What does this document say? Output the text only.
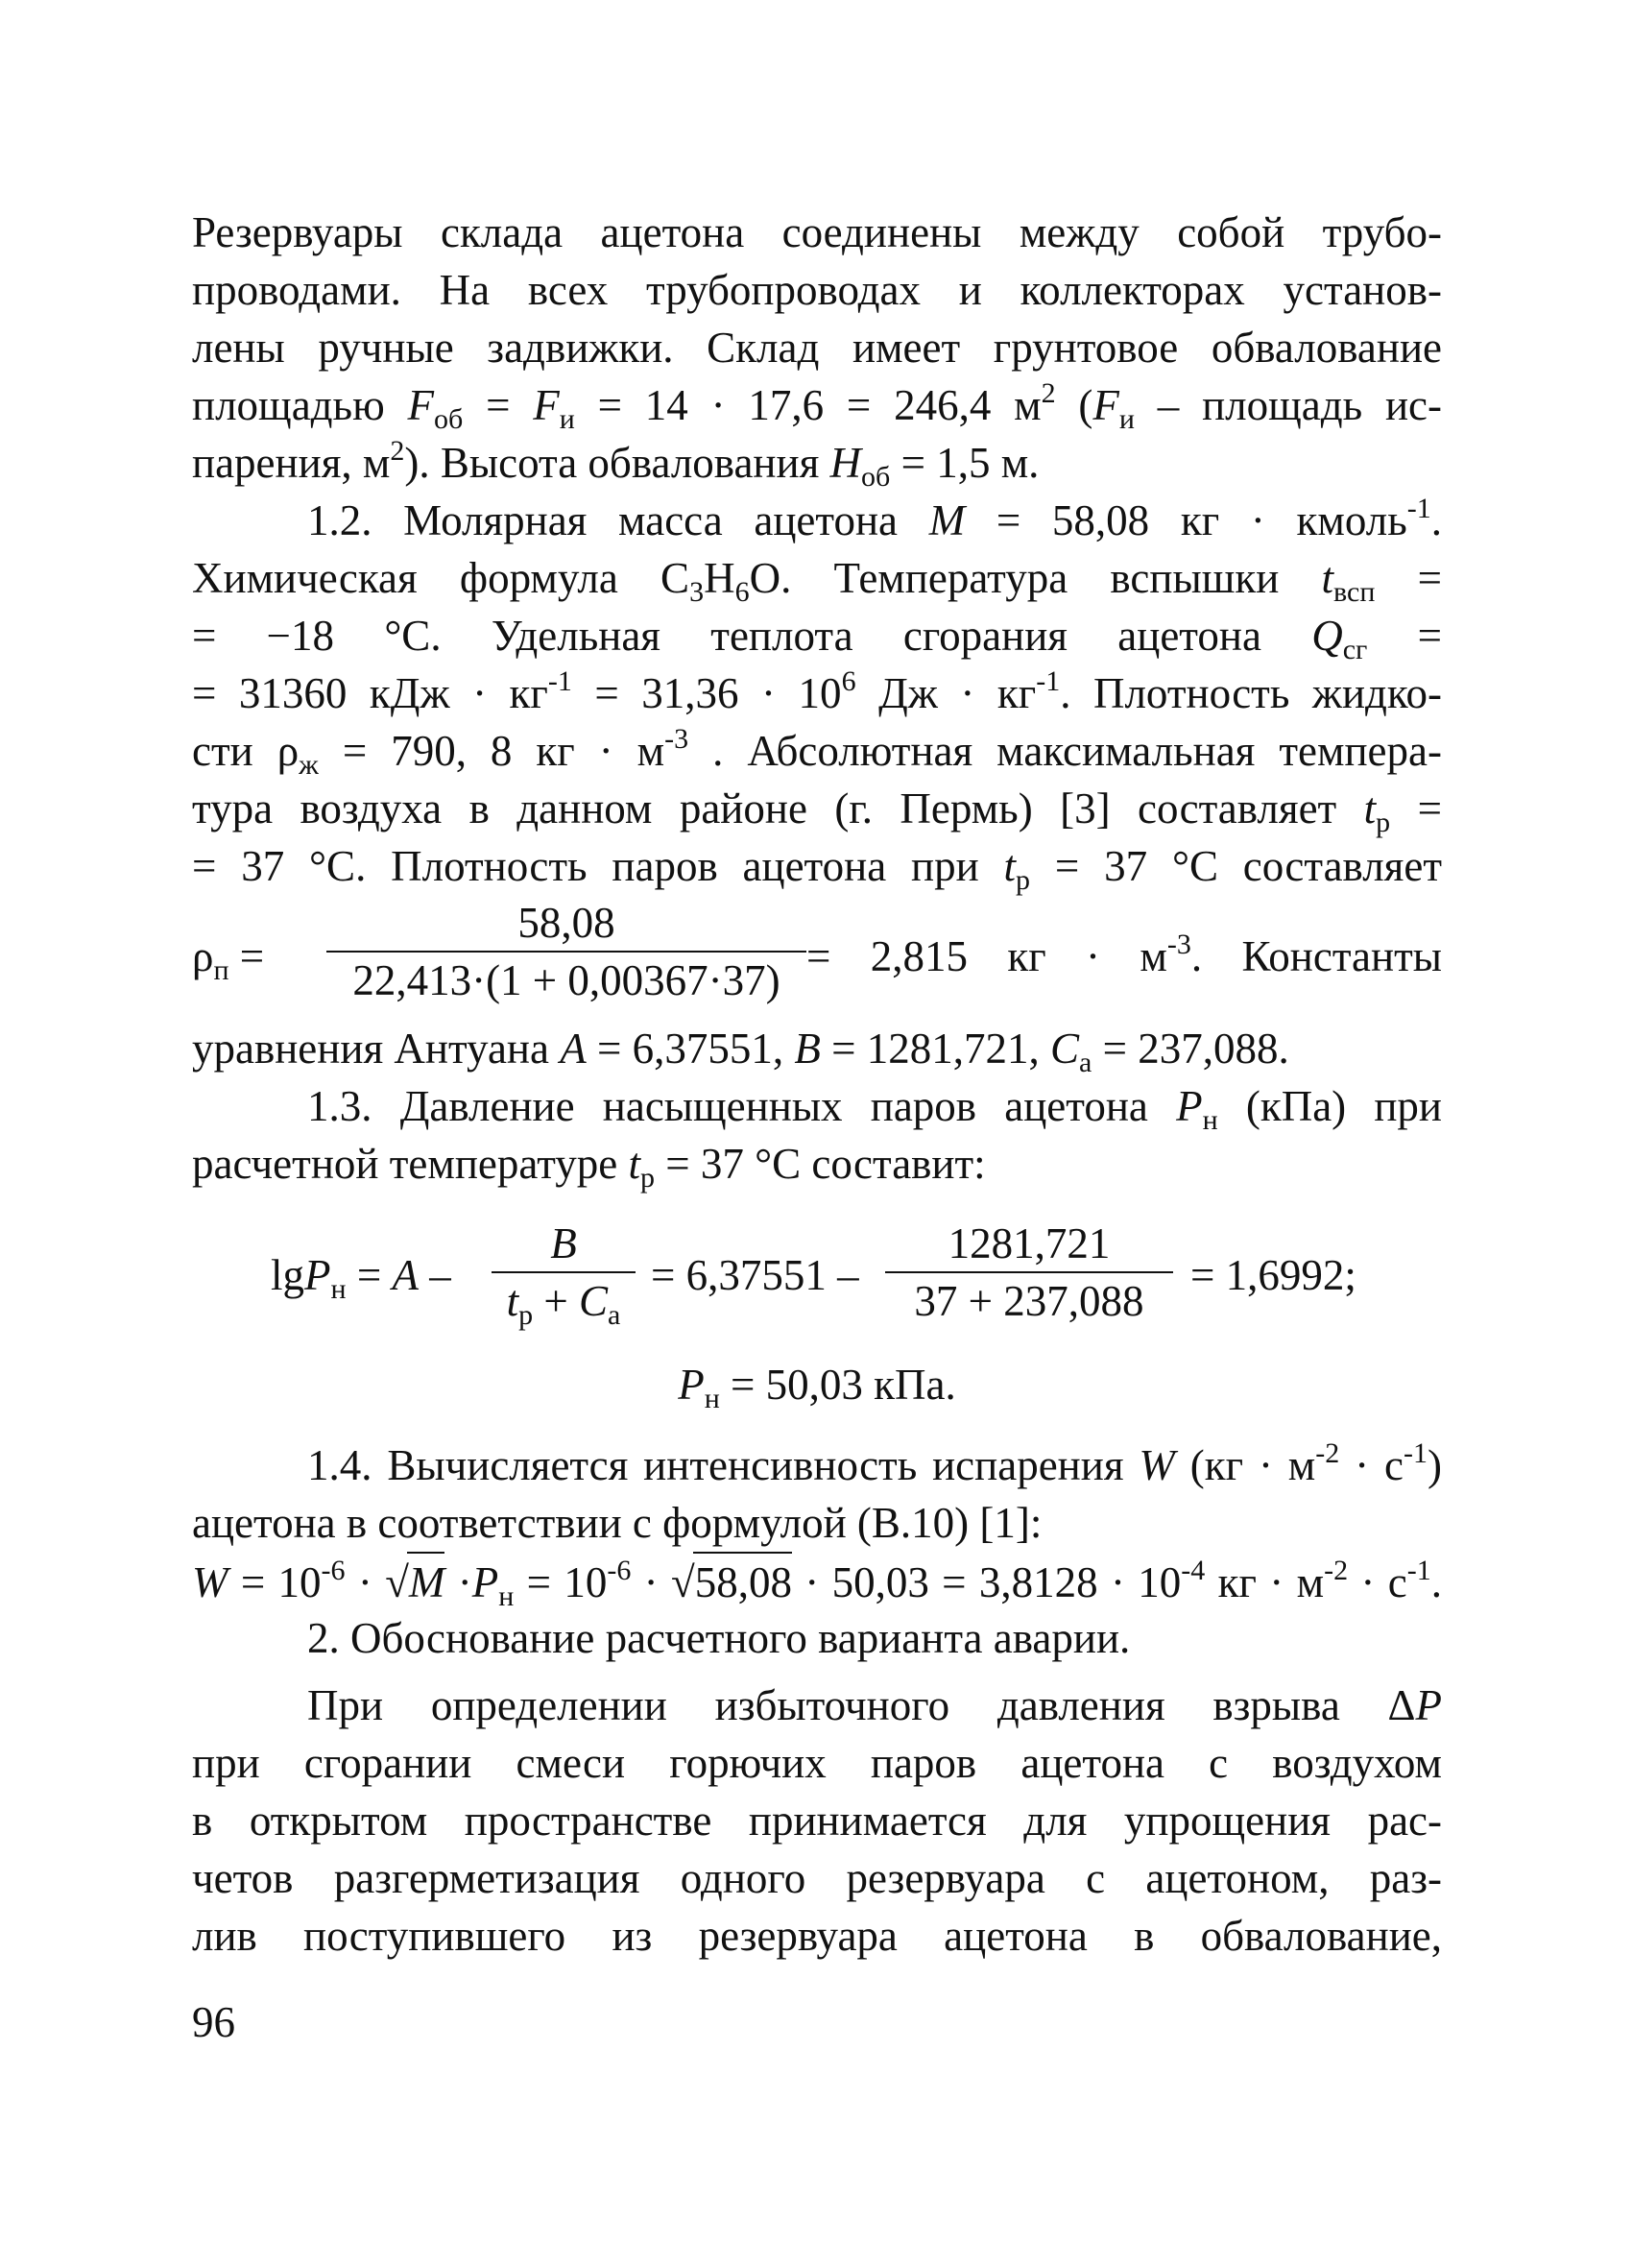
Резервуары склада ацетона соединены между собой трубо-
проводами. На всех трубопроводах и коллекторах установ-
лены ручные задвижки. Склад имеет грунтовое обвалование
площадью $F_{об} = F_и = 14 \cdot 17,6 = 246,4$ $м^2$ ($F_и$ – площадь ис-
парения, $м^2$). Высота обвалования $H_{об} = 1,5$ м.
1.2. Молярная масса ацетона M = 58,08 кг · кмоль$^{-1}$.
Химическая формула $С_3Н_6О$. Температура вспышки $t_{всп}$ =
= −18 °С. Удельная теплота сгорания ацетона $Q_{сг}$ =
= 31360 кДж · $кг^{-1} = 31,36 \cdot 10^6$ Дж · $кг^{-1}$. Плотность жидко-
сти $\rho_ж = 790$, 8 кг · $м^{-3}$ . Абсолютная максимальная темпера-
тура воздуха в данном районе (г. Пермь) [3] составляет $t_р$ =
= 37 °С. Плотность паров ацетона при $t_р = 37$ °С составляет
$\rho_п = \frac{58,08}{22,413\cdot(1 + 0,00367\cdot 37)} = 2,815$ кг · $м^{-3}$. Константы
уравнения Антуана A = 6,37551, B = 1281,721, $C_а = 237,088$.
1.3. Давление насыщенных паров ацетона $P_н$ (кПа) при
расчетной температуре $t_р = 37$ °С составит:
lgP$_н$ = A –
B
$t_р + C_а$
= $6,37551 - \frac{1281,721}{37 + 237,088} = 1,6992$;
$P_н = 50,03$ кПа.
1.4. Вычисляется интенсивность испарения W $(кг \cdot м^{-2} \cdot с^{-1})$
ацетона в соответствии с формулой (В.10) [1]:
$W = 10^{-6} \cdot √M \cdot P_н = 10^{-6} \cdot √58,08 \cdot 50,03 = 3,8128 \cdot 10^{-4}$ кг · $м^{-2} \cdot с^{-1}$.
2. Обоснование расчетного варианта аварии.
При определении избыточного давления взрыва ΔP
при сгорании смеси горючих паров ацетона с воздухом
в открытом пространстве принимается для упрощения рас-
четов разгерметизация одного резервуара с ацетоном, раз-
лив поступившего из резервуара ацетона в обвалование,
96
